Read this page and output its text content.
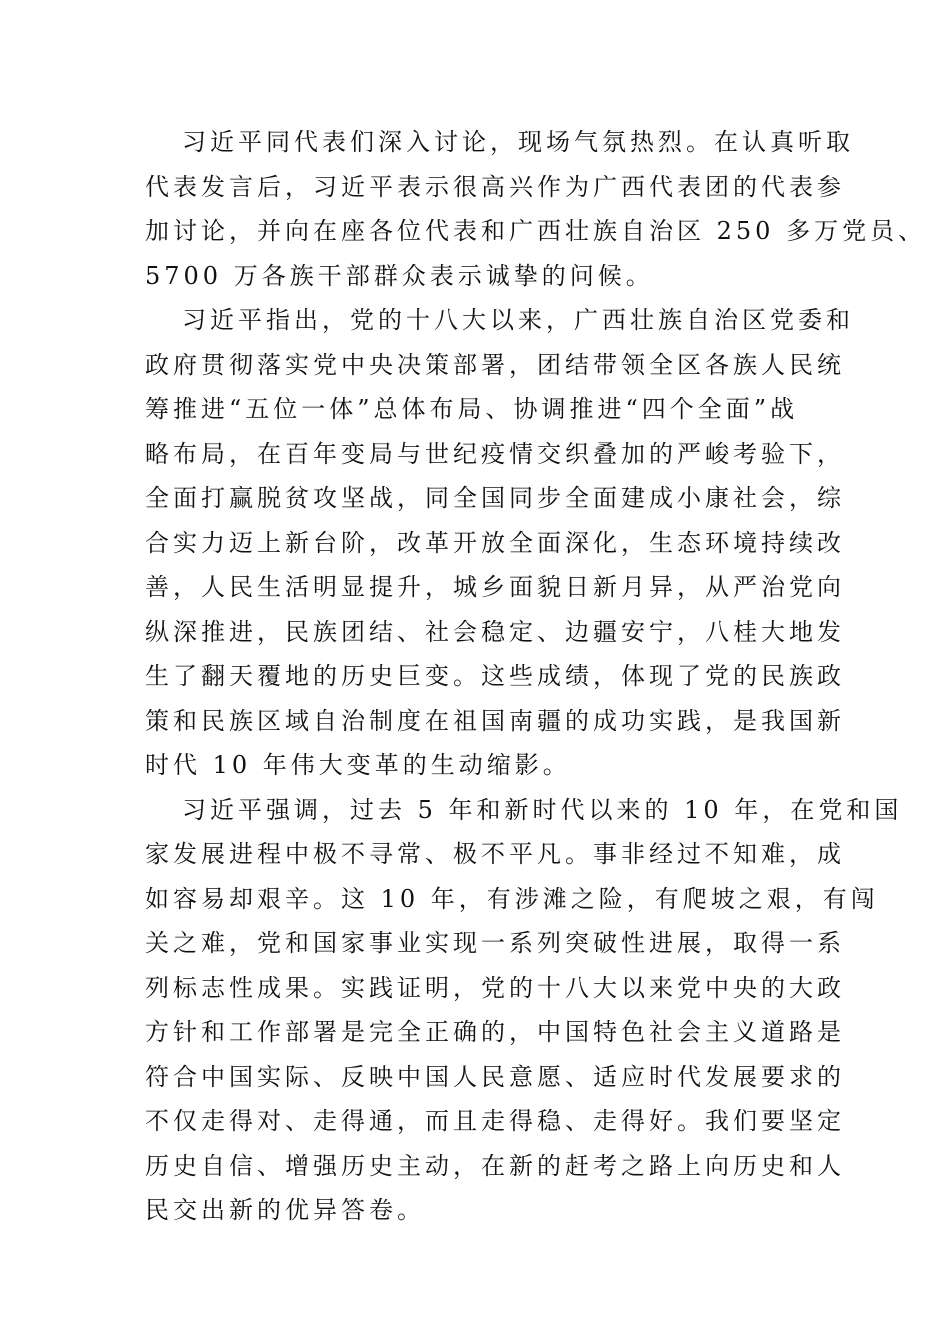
习近平同代表们深入讨论，现场气氛热烈。在认真听取
代表发言后，习近平表示很高兴作为广西代表团的代表参
加讨论，并向在座各位代表和广西壮族自治区 250 多万党员、
5700 万各族干部群众表示诚挚的问候。
习近平指出，党的十八大以来，广西壮族自治区党委和
政府贯彻落实党中央决策部署，团结带领全区各族人民统
筹推进“五位一体”总体布局、协调推进“四个全面”战
略布局，在百年变局与世纪疫情交织叠加的严峻考验下，
全面打赢脱贫攻坚战，同全国同步全面建成小康社会，综
合实力迈上新台阶，改革开放全面深化，生态环境持续改
善，人民生活明显提升，城乡面貌日新月异，从严治党向
纵深推进，民族团结、社会稳定、边疆安宁，八桂大地发
生了翻天覆地的历史巨变。这些成绩，体现了党的民族政
策和民族区域自治制度在祖国南疆的成功实践，是我国新
时代 10 年伟大变革的生动缩影。
习近平强调，过去 5 年和新时代以来的 10 年，在党和国
家发展进程中极不寻常、极不平凡。事非经过不知难，成
如容易却艰辛。这 10 年，有涉滩之险，有爬坡之艰，有闯
关之难，党和国家事业实现一系列突破性进展，取得一系
列标志性成果。实践证明，党的十八大以来党中央的大政
方针和工作部署是完全正确的，中国特色社会主义道路是
符合中国实际、反映中国人民意愿、适应时代发展要求的
不仅走得对、走得通，而且走得稳、走得好。我们要坚定
历史自信、增强历史主动，在新的赶考之路上向历史和人
民交出新的优异答卷。
